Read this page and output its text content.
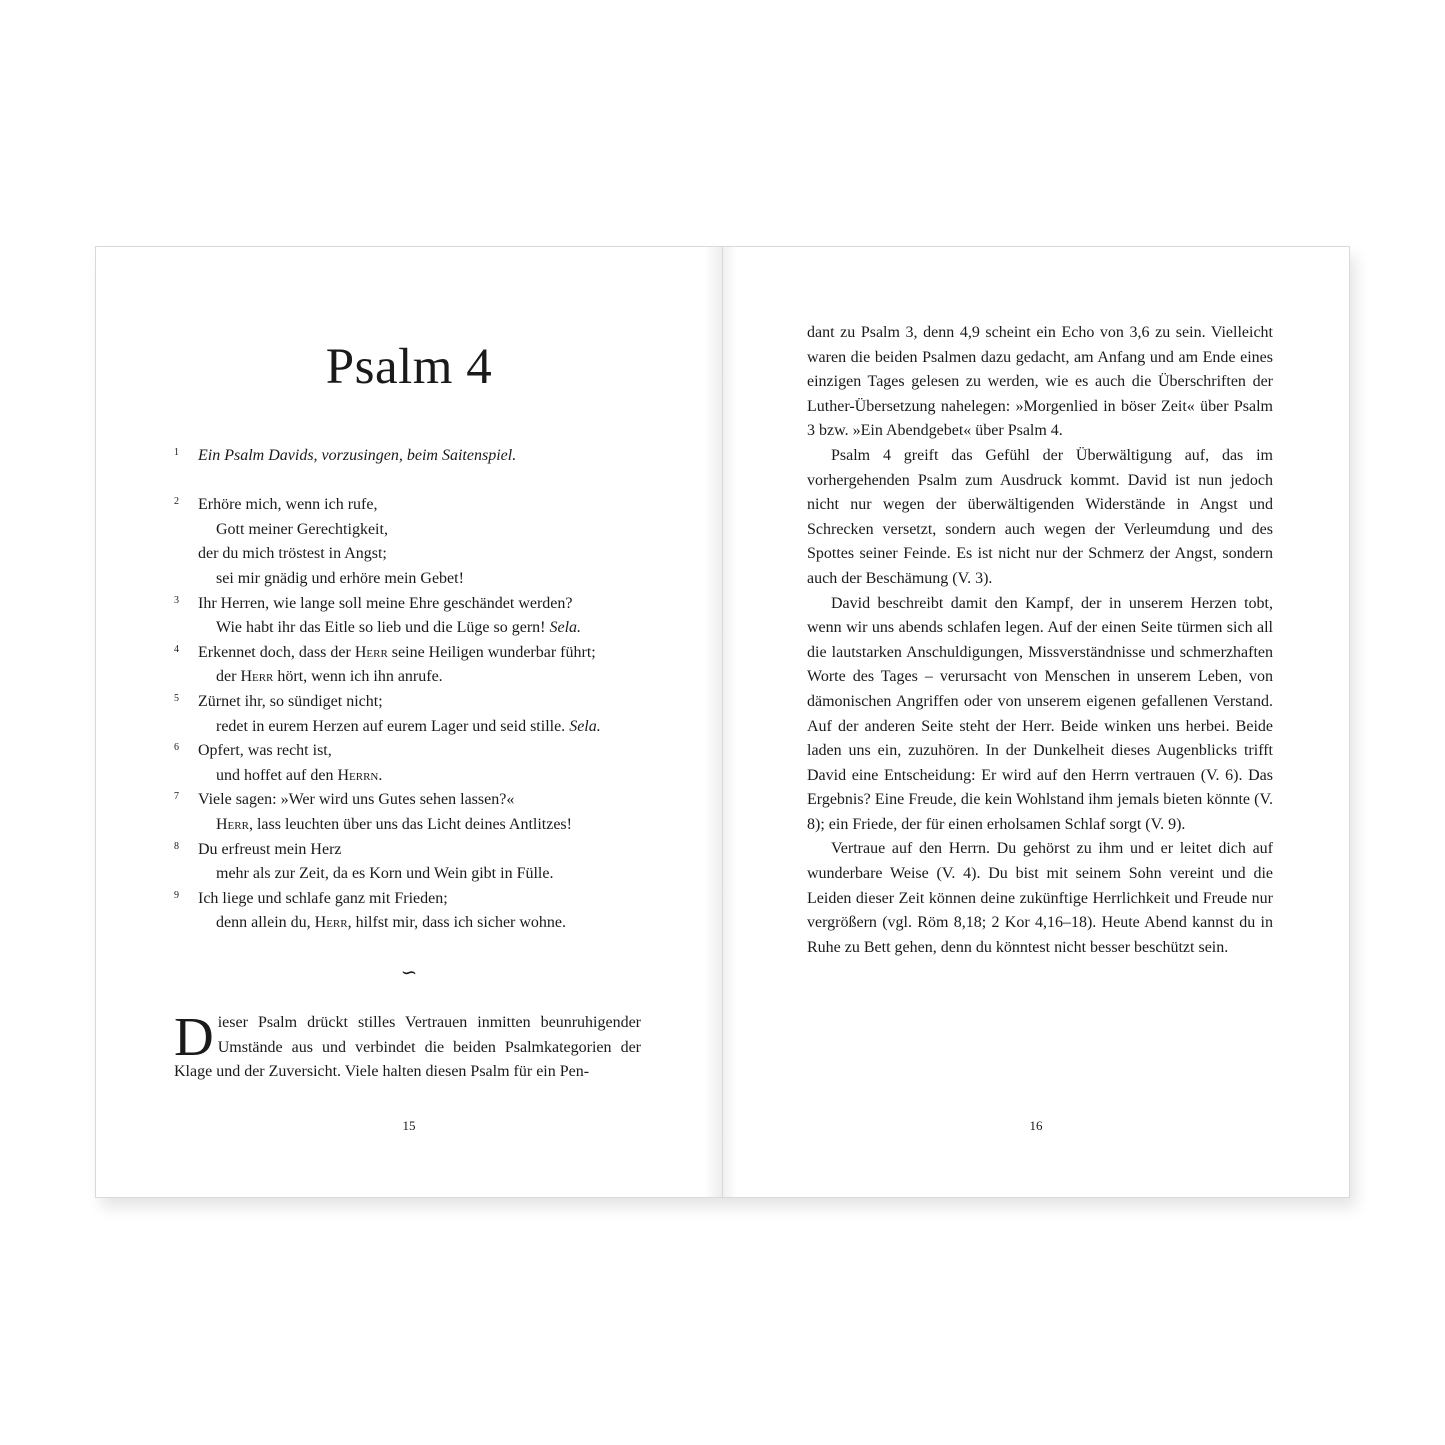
Psalm 4
1 Ein Psalm Davids, vorzusingen, beim Saitenspiel.
2 Erhöre mich, wenn ich rufe,
Gott meiner Gerechtigkeit,
der du mich tröstest in Angst;
sei mir gnädig und erhöre mein Gebet!
3 Ihr Herren, wie lange soll meine Ehre geschändet werden?
Wie habt ihr das Eitle so lieb und die Lüge so gern! Sela.
4 Erkennet doch, dass der Herr seine Heiligen wunderbar führt;
der Herr hört, wenn ich ihn anrufe.
5 Zürnet ihr, so sündiget nicht;
redet in eurem Herzen auf eurem Lager und seid stille. Sela.
6 Opfert, was recht ist,
und hoffet auf den Herrn.
7 Viele sagen: »Wer wird uns Gutes sehen lassen?«
Herr, lass leuchten über uns das Licht deines Antlitzes!
8 Du erfreust mein Herz
mehr als zur Zeit, da es Korn und Wein gibt in Fülle.
9 Ich liege und schlafe ganz mit Frieden;
denn allein du, Herr, hilfst mir, dass ich sicher wohne.
∽
Dieser Psalm drückt stilles Vertrauen inmitten beunruhigender Umstände aus und verbindet die beiden Psalmkategorien der Klage und der Zuversicht. Viele halten diesen Psalm für ein Pen-
15

dant zu Psalm 3, denn 4,9 scheint ein Echo von 3,6 zu sein. Vielleicht waren die beiden Psalmen dazu gedacht, am Anfang und am Ende eines einzigen Tages gelesen zu werden, wie es auch die Überschriften der Luther-Übersetzung nahelegen: »Morgenlied in böser Zeit« über Psalm 3 bzw. »Ein Abendgebet« über Psalm 4.

Psalm 4 greift das Gefühl der Überwältigung auf, das im vorhergehenden Psalm zum Ausdruck kommt. David ist nun jedoch nicht nur wegen der überwältigenden Widerstände in Angst und Schrecken versetzt, sondern auch wegen der Verleumdung und des Spottes seiner Feinde. Es ist nicht nur der Schmerz der Angst, sondern auch der Beschämung (V. 3).

David beschreibt damit den Kampf, der in unserem Herzen tobt, wenn wir uns abends schlafen legen. Auf der einen Seite türmen sich all die lautstarken Anschuldigungen, Missverständnisse und schmerzhaften Worte des Tages – verursacht von Menschen in unserem Leben, von dämonischen Angriffen oder von unserem eigenen gefallenen Verstand. Auf der anderen Seite steht der Herr. Beide winken uns herbei. Beide laden uns ein, zuzuhören. In der Dunkelheit dieses Augenblicks trifft David eine Entscheidung: Er wird auf den Herrn vertrauen (V. 6). Das Ergebnis? Eine Freude, die kein Wohlstand ihm jemals bieten könnte (V. 8); ein Friede, der für einen erholsamen Schlaf sorgt (V. 9).

Vertraue auf den Herrn. Du gehörst zu ihm und er leitet dich auf wunderbare Weise (V. 4). Du bist mit seinem Sohn vereint und die Leiden dieser Zeit können deine zukünftige Herrlichkeit und Freude nur vergrößern (vgl. Röm 8,18; 2 Kor 4,16–18). Heute Abend kannst du in Ruhe zu Bett gehen, denn du könntest nicht besser beschützt sein.

16
